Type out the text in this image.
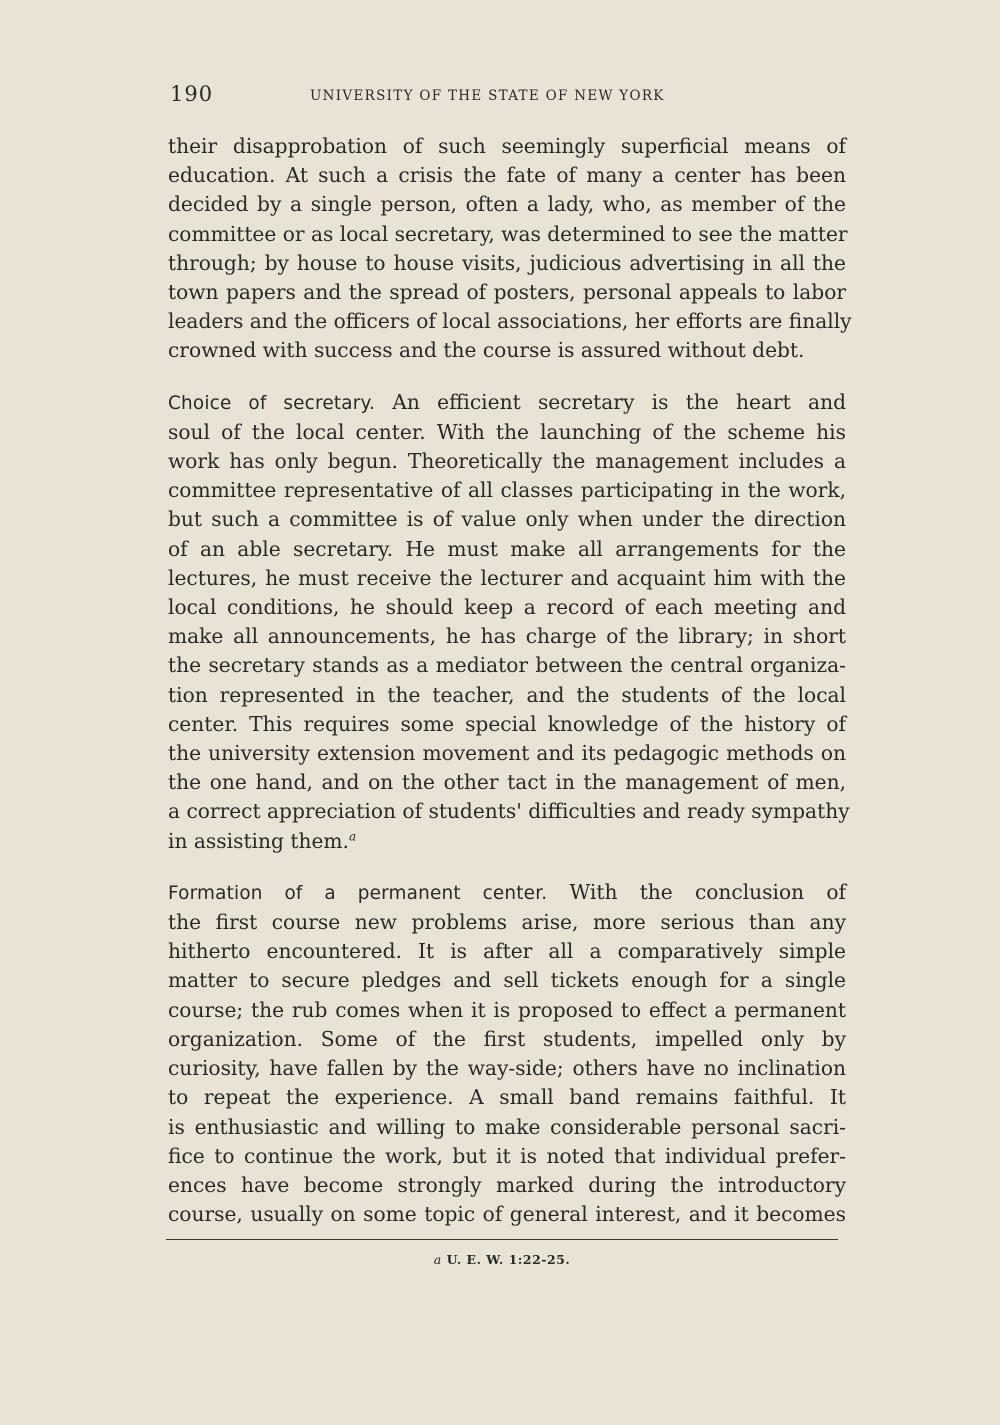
190	UNIVERSITY OF THE STATE OF NEW YORK

their disapprobation of such seemingly superficial means of
education. At such a crisis the fate of many a center has been
decided by a single person, often a lady, who, as member of the
committee or as local secretary, was determined to see the matter
through; by house to house visits, judicious advertising in all the
town papers and the spread of posters, personal appeals to labor
leaders and the officers of local associations, her efforts are finally
crowned with success and the course is assured without debt.

Choice of secretary. An efficient secretary is the heart and
soul of the local center. With the launching of the scheme his
work has only begun. Theoretically the management includes a
committee representative of all classes participating in the work,
but such a committee is of value only when under the direction
of an able secretary. He must make all arrangements for the
lectures, he must receive the lecturer and acquaint him with the
local conditions, he should keep a record of each meeting and
make all announcements, he has charge of the library; in short
the secretary stands as a mediator between the central organiza-
tion represented in the teacher, and the students of the local
center. This requires some special knowledge of the history of
the university extension movement and its pedagogic methods on
the one hand, and on the other tact in the management of men,
a correct appreciation of students' difficulties and ready sympathy
in assisting them.$^a$

Formation of a permanent center. With the conclusion of
the first course new problems arise, more serious than any
hitherto encountered. It is after all a comparatively simple
matter to secure pledges and sell tickets enough for a single
course; the rub comes when it is proposed to effect a permanent
organization. Some of the first students, impelled only by
curiosity, have fallen by the way-side; others have no inclination
to repeat the experience. A small band remains faithful. It
is enthusiastic and willing to make considerable personal sacri-
fice to continue the work, but it is noted that individual prefer-
ences have become strongly marked during the introductory
course, usually on some topic of general interest, and it becomes

a U. E. W. 1:22-25.
